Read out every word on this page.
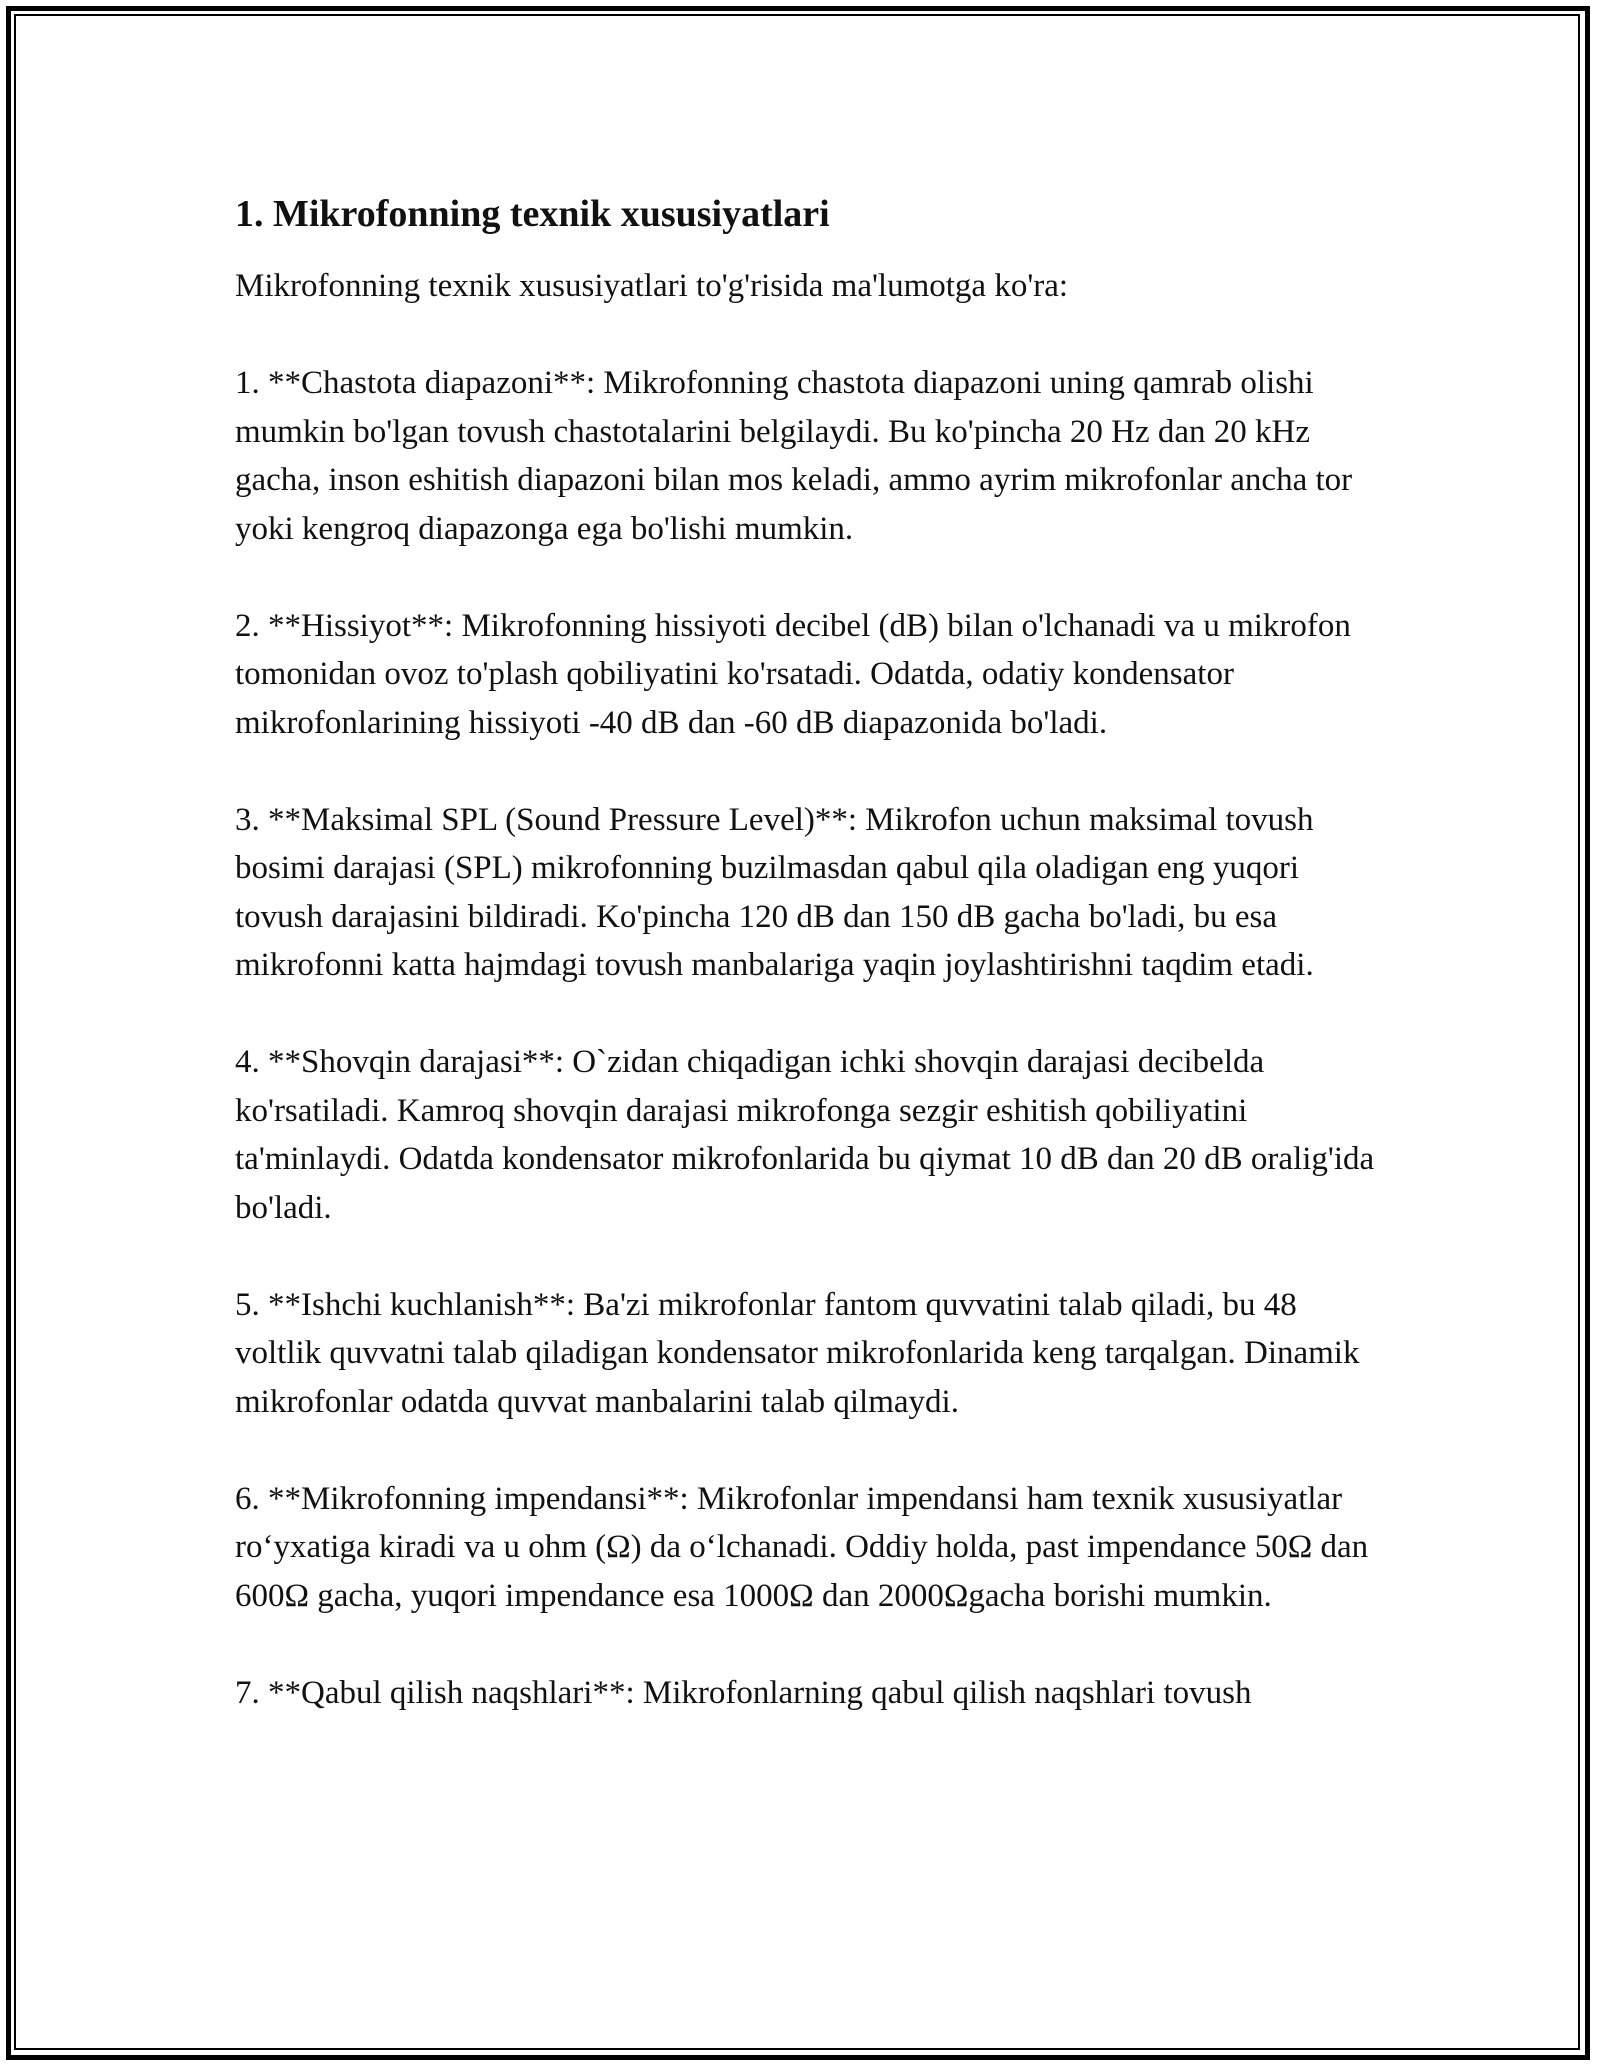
1. Mikrofonning texnik xususiyatlari

Mikrofonning texnik xususiyatlari to'g'risida ma'lumotga ko'ra:

1. **Chastota diapazoni**: Mikrofonning chastota diapazoni uning qamrab olishi mumkin bo'lgan tovush chastotalarini belgilaydi. Bu ko'pincha 20 Hz dan 20 kHz gacha, inson eshitish diapazoni bilan mos keladi, ammo ayrim mikrofonlar ancha tor yoki kengroq diapazonga ega bo'lishi mumkin.

2. **Hissiyot**: Mikrofonning hissiyoti decibel (dB) bilan o'lchanadi va u mikrofon tomonidan ovoz to'plash qobiliyatini ko'rsatadi. Odatda, odatiy kondensator mikrofonlarining hissiyoti -40 dB dan -60 dB diapazonida bo'ladi.

3. **Maksimal SPL (Sound Pressure Level)**: Mikrofon uchun maksimal tovush bosimi darajasi (SPL) mikrofonning buzilmasdan qabul qila oladigan eng yuqori tovush darajasini bildiradi. Ko'pincha 120 dB dan 150 dB gacha bo'ladi, bu esa mikrofonni katta hajmdagi tovush manbalariga yaqin joylashtirishni taqdim etadi.

4. **Shovqin darajasi**: O`zidan chiqadigan ichki shovqin darajasi decibelda ko'rsatiladi. Kamroq shovqin darajasi mikrofonga sezgir eshitish qobiliyatini ta'minlaydi. Odatda kondensator mikrofonlarida bu qiymat 10 dB dan 20 dB oralig'ida bo'ladi.

5. **Ishchi kuchlanish**: Ba'zi mikrofonlar fantom quvvatini talab qiladi, bu 48 voltlik quvvatni talab qiladigan kondensator mikrofonlarida keng tarqalgan. Dinamik mikrofonlar odatda quvvat manbalarini talab qilmaydi.

6. **Mikrofonning impendansi**: Mikrofonlar impendansi ham texnik xususiyatlar roʻyxatiga kiradi va u ohm (Ω) da oʻlchanadi. Oddiy holda, past impendance 50Ω dan 600Ω gacha, yuqori impendance esa 1000Ω dan 2000Ωgacha borishi mumkin.

7. **Qabul qilish naqshlari**: Mikrofonlarning qabul qilish naqshlari tovush
